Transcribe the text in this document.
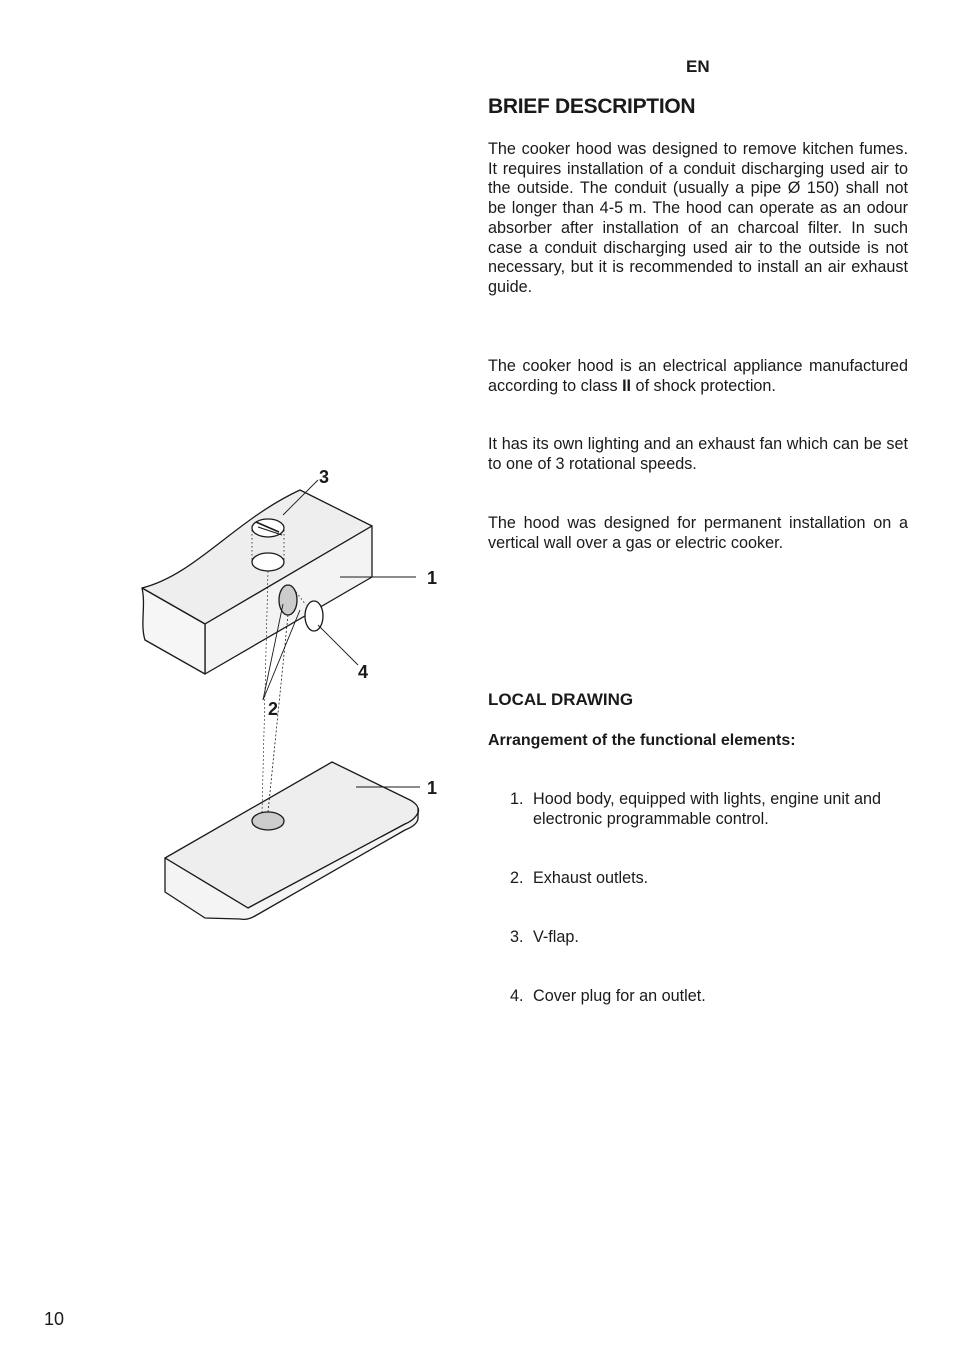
EN
BRIEF DESCRIPTION
The cooker hood was designed to remove kitchen fumes. It requires installation of a conduit discharging used air to the outside. The conduit (usually a pipe Ø 150) shall not be longer than 4-5 m. The hood can operate as an odour absorber after installation of an charcoal filter. In such case a conduit discharging used air to the outside is not necessary, but it is recommended to install an air exhaust guide.
The cooker hood is an electrical appliance manufactured according to class II of shock protection.
It has its own lighting and an exhaust fan which can be set to one of 3 rotational speeds.
The hood was designed for permanent installation on a vertical wall over a gas or electric cooker.
LOCAL DRAWING
Arrangement of the functional elements:
1. Hood body, equipped with lights, engine unit and electronic programmable control.
2. Exhaust outlets.
3. V-flap.
4. Cover plug for an outlet.
1
1
2
3
4
10
